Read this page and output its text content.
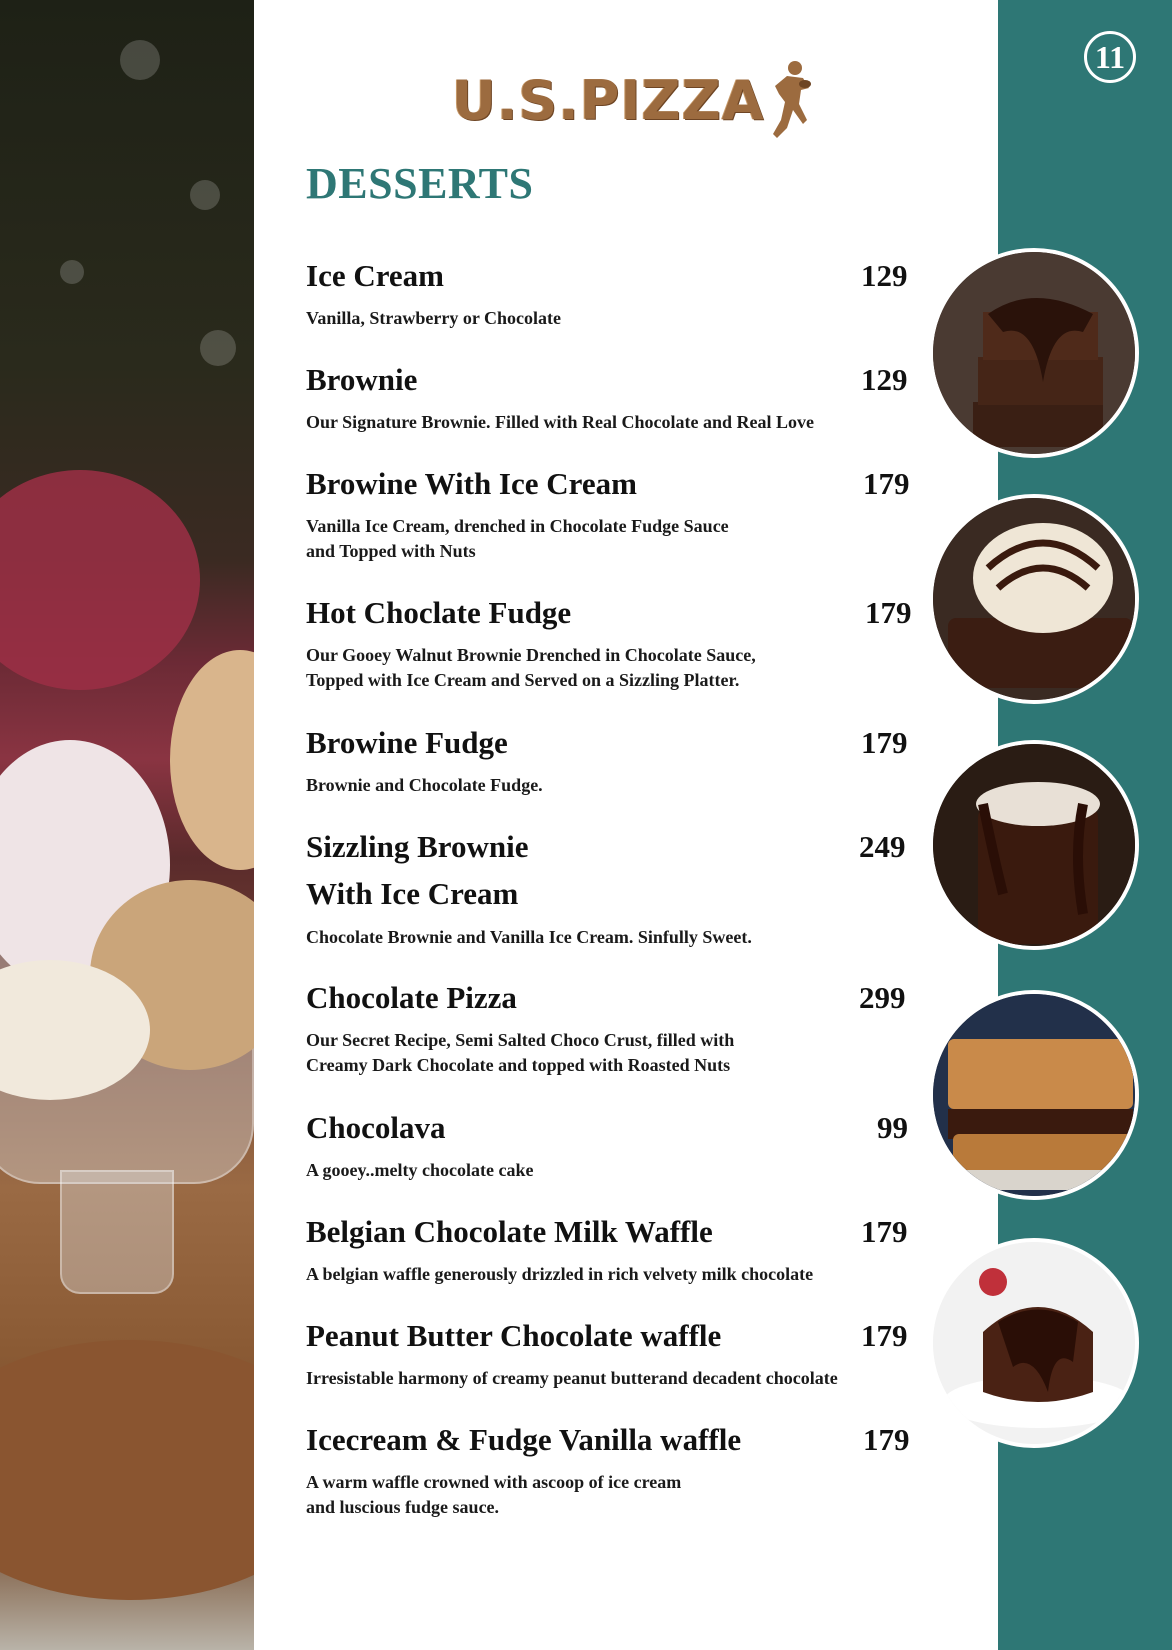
11
U.S.PIZZA
DESSERTS
Ice Cream	129
Vanilla, Strawberry or Chocolate
Brownie	129
Our Signature Brownie. Filled with Real Chocolate and Real Love
Browine With Ice Cream	179
Vanilla Ice Cream, drenched in Chocolate Fudge Sauce
and Topped with Nuts
Hot Choclate Fudge	179
Our Gooey Walnut Brownie Drenched in Chocolate Sauce,
Topped with Ice Cream and Served on a Sizzling Platter.
Browine Fudge	179
Brownie and Chocolate Fudge.
Sizzling Brownie
With Ice Cream
249
Chocolate Brownie and Vanilla Ice Cream. Sinfully Sweet.
Chocolate Pizza	299
Our Secret Recipe, Semi Salted Choco Crust, filled with
Creamy Dark Chocolate and topped with Roasted Nuts
Chocolava	99
A gooey..melty chocolate cake
Belgian Chocolate Milk Waffle	179
A belgian waffle generously drizzled in rich velvety milk chocolate
Peanut Butter Chocolate waffle	179
Irresistable harmony of creamy peanut butterand decadent chocolate
Icecream & Fudge Vanilla waffle	179
A warm waffle crowned with ascoop of ice cream
and luscious fudge sauce.
